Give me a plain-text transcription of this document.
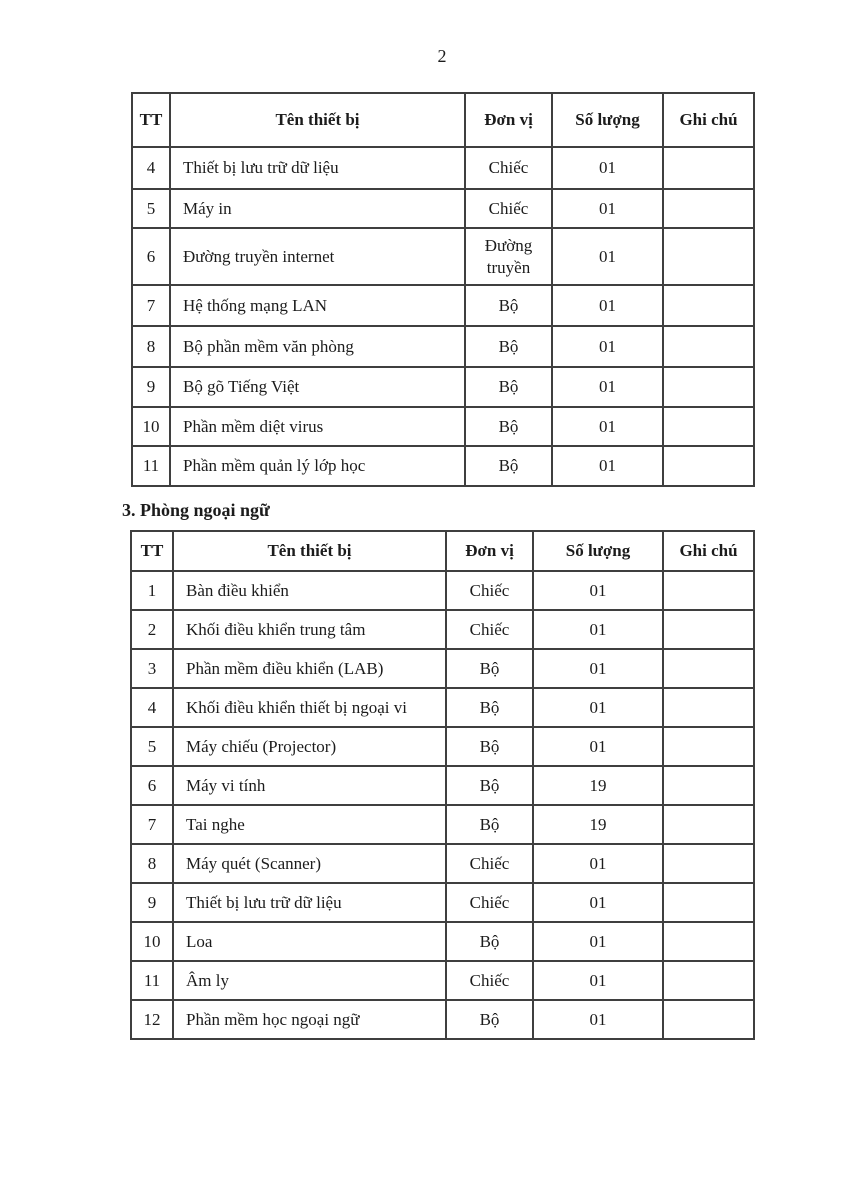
2
TT	Tên thiết bị	Đơn vị	Số lượng	Ghi chú
4	Thiết bị lưu trữ dữ liệu	Chiếc	01	
5	Máy in	Chiếc	01	
6	Đường truyền internet	Đường truyền	01	
7	Hệ thống mạng LAN	Bộ	01	
8	Bộ phần mềm văn phòng	Bộ	01	
9	Bộ gõ Tiếng Việt	Bộ	01	
10	Phần mềm diệt virus	Bộ	01	
11	Phần mềm quản lý lớp học	Bộ	01	
3. Phòng ngoại ngữ
TT	Tên thiết bị	Đơn vị	Số lượng	Ghi chú
1	Bàn điều khiển	Chiếc	01	
2	Khối điều khiển trung tâm	Chiếc	01	
3	Phần mềm điều khiển (LAB)	Bộ	01	
4	Khối điều khiển thiết bị ngoại vi	Bộ	01	
5	Máy chiếu (Projector)	Bộ	01	
6	Máy vi tính	Bộ	19	
7	Tai nghe	Bộ	19	
8	Máy quét (Scanner)	Chiếc	01	
9	Thiết bị lưu trữ dữ liệu	Chiếc	01	
10	Loa	Bộ	01	
11	Âm ly	Chiếc	01	
12	Phần mềm học ngoại ngữ	Bộ	01	
